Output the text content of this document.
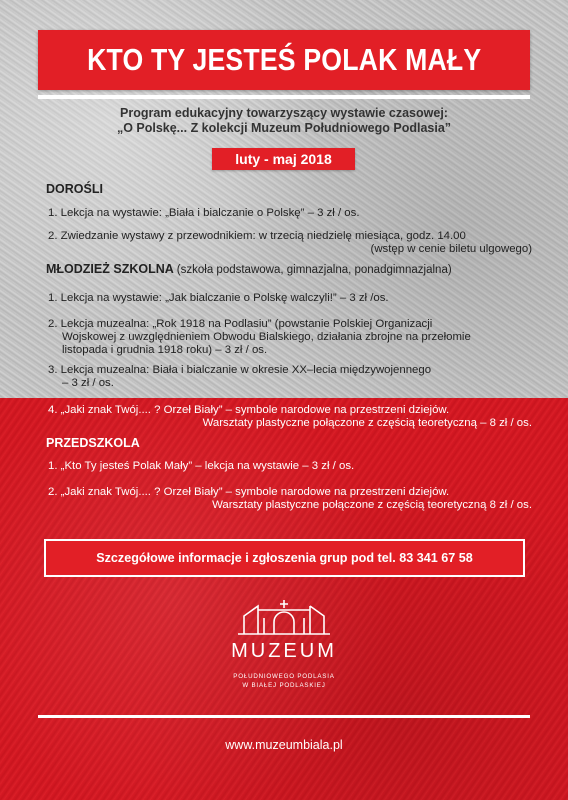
KTO TY JESTEŚ POLAK MAŁY
Program edukacyjny towarzyszący wystawie czasowej:
„O Polskę... Z kolekcji Muzeum Południowego Podlasia”
luty - maj 2018
DOROŚLI
1. Lekcja na wystawie: „Biała i bialczanie o Polskę” – 3 zł / os.
2. Zwiedzanie wystawy z przewodnikiem: w trzecią niedzielę miesiąca, godz. 14.00
(wstęp w cenie biletu ulgowego)
MŁODZIEŻ SZKOLNA (szkoła podstawowa, gimnazjalna, ponadgimnazjalna)
1. Lekcja na wystawie: „Jak bialczanie o Polskę walczyli!” – 3 zł /os.
2. Lekcja muzealna: „Rok 1918 na Podlasiu” (powstanie Polskiej Organizacji
Wojskowej z uwzględnieniem Obwodu Bialskiego, działania zbrojne na przełomie
listopada i grudnia 1918 roku) – 3 zł / os.
3. Lekcja muzealna: Biała i bialczanie w okresie XX–lecia międzywojennego
– 3 zł / os.
4. „Jaki znak Twój.... ? Orzeł Biały” – symbole narodowe na przestrzeni dziejów.
Warsztaty plastyczne połączone z częścią teoretyczną – 8 zł / os.
PRZEDSZKOLA
1. „Kto Ty jesteś Polak Mały” – lekcja na wystawie – 3 zł / os.
2. „Jaki znak Twój.... ? Orzeł Biały” – symbole narodowe na przestrzeni dziejów.
Warsztaty plastyczne połączone z częścią teoretyczną 8 zł / os.
Szczegółowe informacje i zgłoszenia grup pod tel. 83 341 67 58
MUZEUM
POŁUDNIOWEGO PODLASIA
W BIAŁEJ PODLASKIEJ
www.muzeumbiala.pl
